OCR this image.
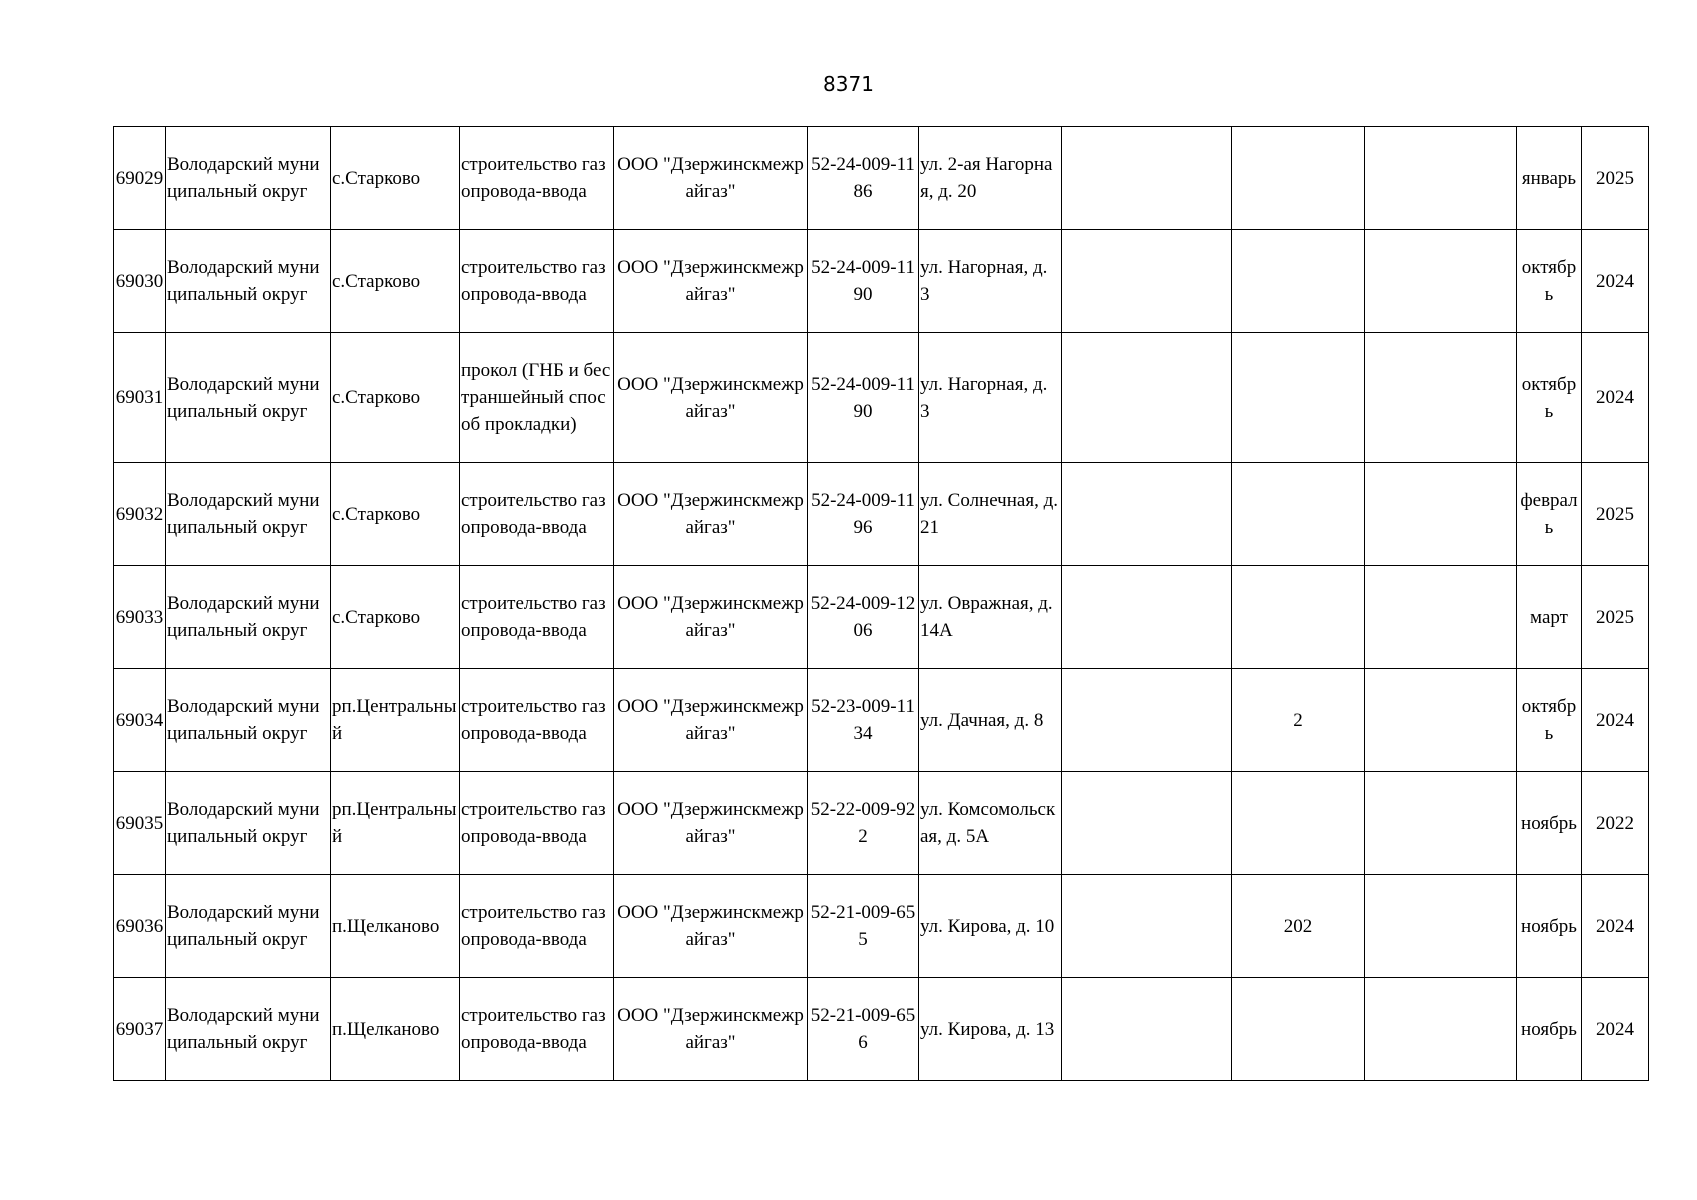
8371
69029	Володарский муниципальный округ	с.Старково	строительство газопровода-ввода	ООО "Дзержинскмежрайгаз"	52-24-009-1186	ул. 2-ая Нагорная, д. 20				январь	2025
69030	Володарский муниципальный округ	с.Старково	строительство газопровода-ввода	ООО "Дзержинскмежрайгаз"	52-24-009-1190	ул. Нагорная, д. 3				октябрь	2024
69031	Володарский муниципальный округ	с.Старково	прокол (ГНБ и бестраншейный способ прокладки)	ООО "Дзержинскмежрайгаз"	52-24-009-1190	ул. Нагорная, д. 3				октябрь	2024
69032	Володарский муниципальный округ	с.Старково	строительство газопровода-ввода	ООО "Дзержинскмежрайгаз"	52-24-009-1196	ул. Солнечная, д. 21				февраль	2025
69033	Володарский муниципальный округ	с.Старково	строительство газопровода-ввода	ООО "Дзержинскмежрайгаз"	52-24-009-1206	ул. Овражная, д. 14А				март	2025
69034	Володарский муниципальный округ	рп.Центральный	строительство газопровода-ввода	ООО "Дзержинскмежрайгаз"	52-23-009-1134	ул. Дачная, д. 8		2		октябрь	2024
69035	Володарский муниципальный округ	рп.Центральный	строительство газопровода-ввода	ООО "Дзержинскмежрайгаз"	52-22-009-922	ул. Комсомольская, д. 5А				ноябрь	2022
69036	Володарский муниципальный округ	п.Щелканово	строительство газопровода-ввода	ООО "Дзержинскмежрайгаз"	52-21-009-655	ул. Кирова, д. 10		202		ноябрь	2024
69037	Володарский муниципальный округ	п.Щелканово	строительство газопровода-ввода	ООО "Дзержинскмежрайгаз"	52-21-009-656	ул. Кирова, д. 13				ноябрь	2024
